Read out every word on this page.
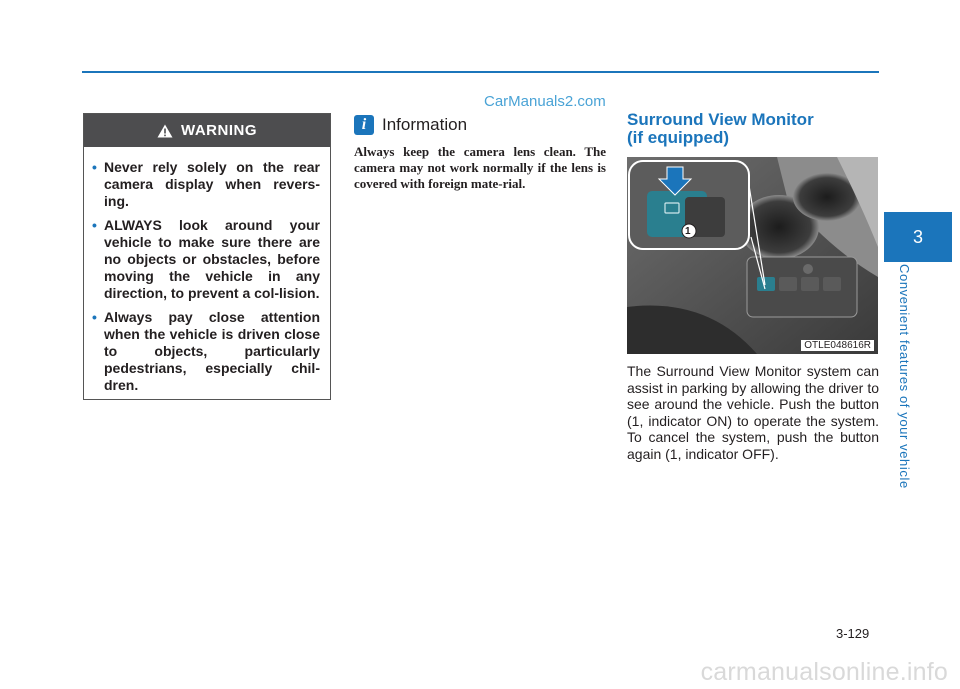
CarManuals2.com
WARNING
• Never rely solely on the rear camera display when revers-ing.
• ALWAYS look around your vehicle to make sure there are no objects or obstacles, before moving the vehicle in any direction, to prevent a col-lision.
• Always pay close attention when the vehicle is driven close to objects, particularly pedestrians, especially chil-dren.
i Information
Always keep the camera lens clean. The camera may not work normally if the lens is covered with foreign mate-rial.
Surround View Monitor
(if equipped)
1
OTLE048616R
The Surround View Monitor system can assist in parking by allowing the driver to see around the vehicle. Push the button (1, indicator ON) to operate the system. To cancel the system, push the button again (1, indicator OFF).
3
Convenient features of your vehicle
3-129
carmanualsonline.info
